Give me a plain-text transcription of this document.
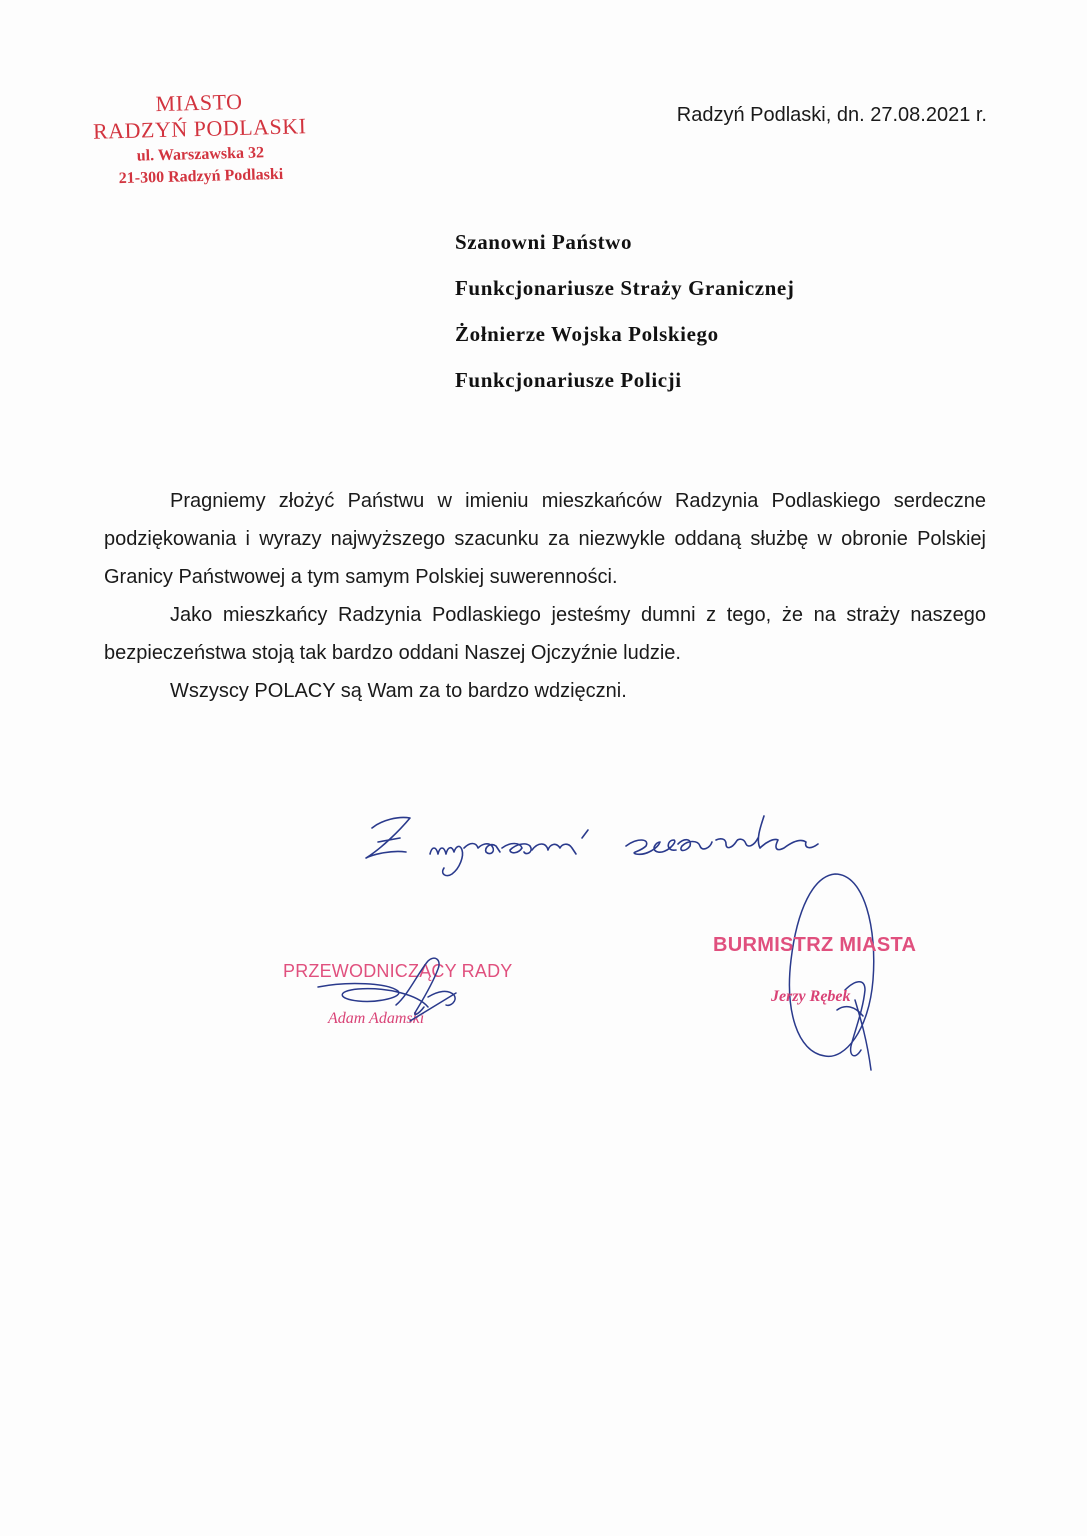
MIASTO
RADZYŃ PODLASKI
ul. Warszawska 32
21-300 Radzyń Podlaski
Radzyń Podlaski, dn. 27.08.2021 r.
Szanowni Państwo
Funkcjonariusze Straży Granicznej
Żołnierze Wojska Polskiego
Funkcjonariusze Policji

Pragniemy złożyć Państwu w imieniu mieszkańców Radzynia Podlaskiego serdeczne podziękowania i wyrazy najwyższego szacunku za niezwykle oddaną służbę w obronie Polskiej Granicy Państwowej a tym samym Polskiej suwerenności.

Jako mieszkańcy Radzynia Podlaskiego jesteśmy dumni z tego, że na straży naszego bezpieczeństwa stoją tak bardzo oddani Naszej Ojczyźnie ludzie.

Wszyscy POLACY są Wam za to bardzo wdzięczni.

PRZEWODNICZĄCY RADY
Adam Adamski
BURMISTRZ MIASTA
Jerzy Rębek
